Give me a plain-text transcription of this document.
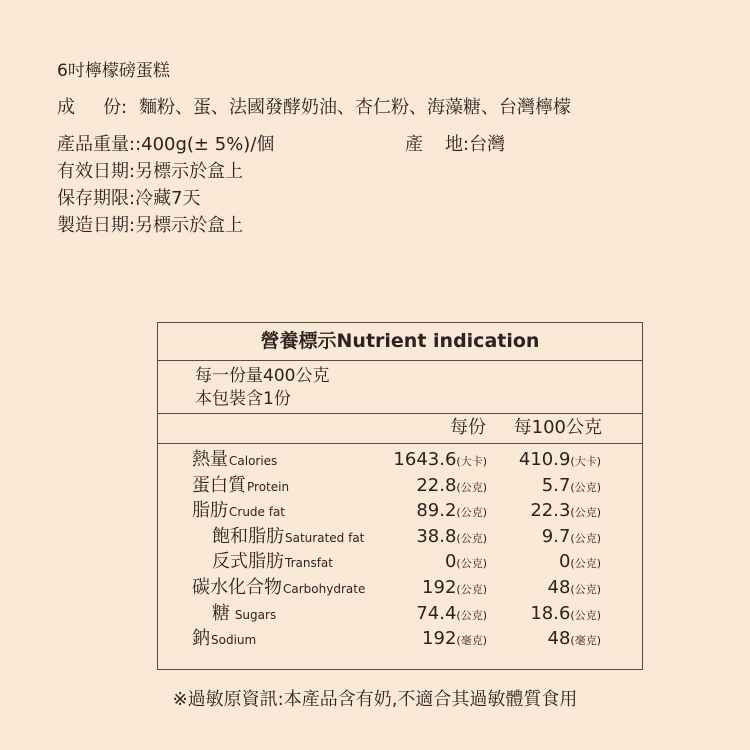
6吋檸檬磅蛋糕
成 份: 麵粉、蛋、法國發酵奶油、杏仁粉、海藻糖、台灣檸檬
產品重量::400g(± 5%)/個	產 地:台灣
有效日期:另標示於盒上
保存期限:冷藏7天
製造日期:另標示於盒上
營養標示Nutrient indication
每一份量400公克
本包裝含1份
每份 每100公克
熱量Calories	1643.6(大卡) 410.9(大卡)
蛋白質Protein	22.8(公克)	5.7(公克)
脂肪Crude fat	89.2(公克) 22.3(公克)
飽和脂肪Saturated fat	38.8(公克)	9.7(公克)
反式脂肪Transfat	0(公克)	0(公克)
碳水化合物Carbohydrate	192(公克)	48(公克)
糖 Sugars	74.4(公克) 18.6(公克)
鈉Sodium	192(毫克)	48(毫克)
※過敏原資訊:本產品含有奶,不適合其過敏體質食用
